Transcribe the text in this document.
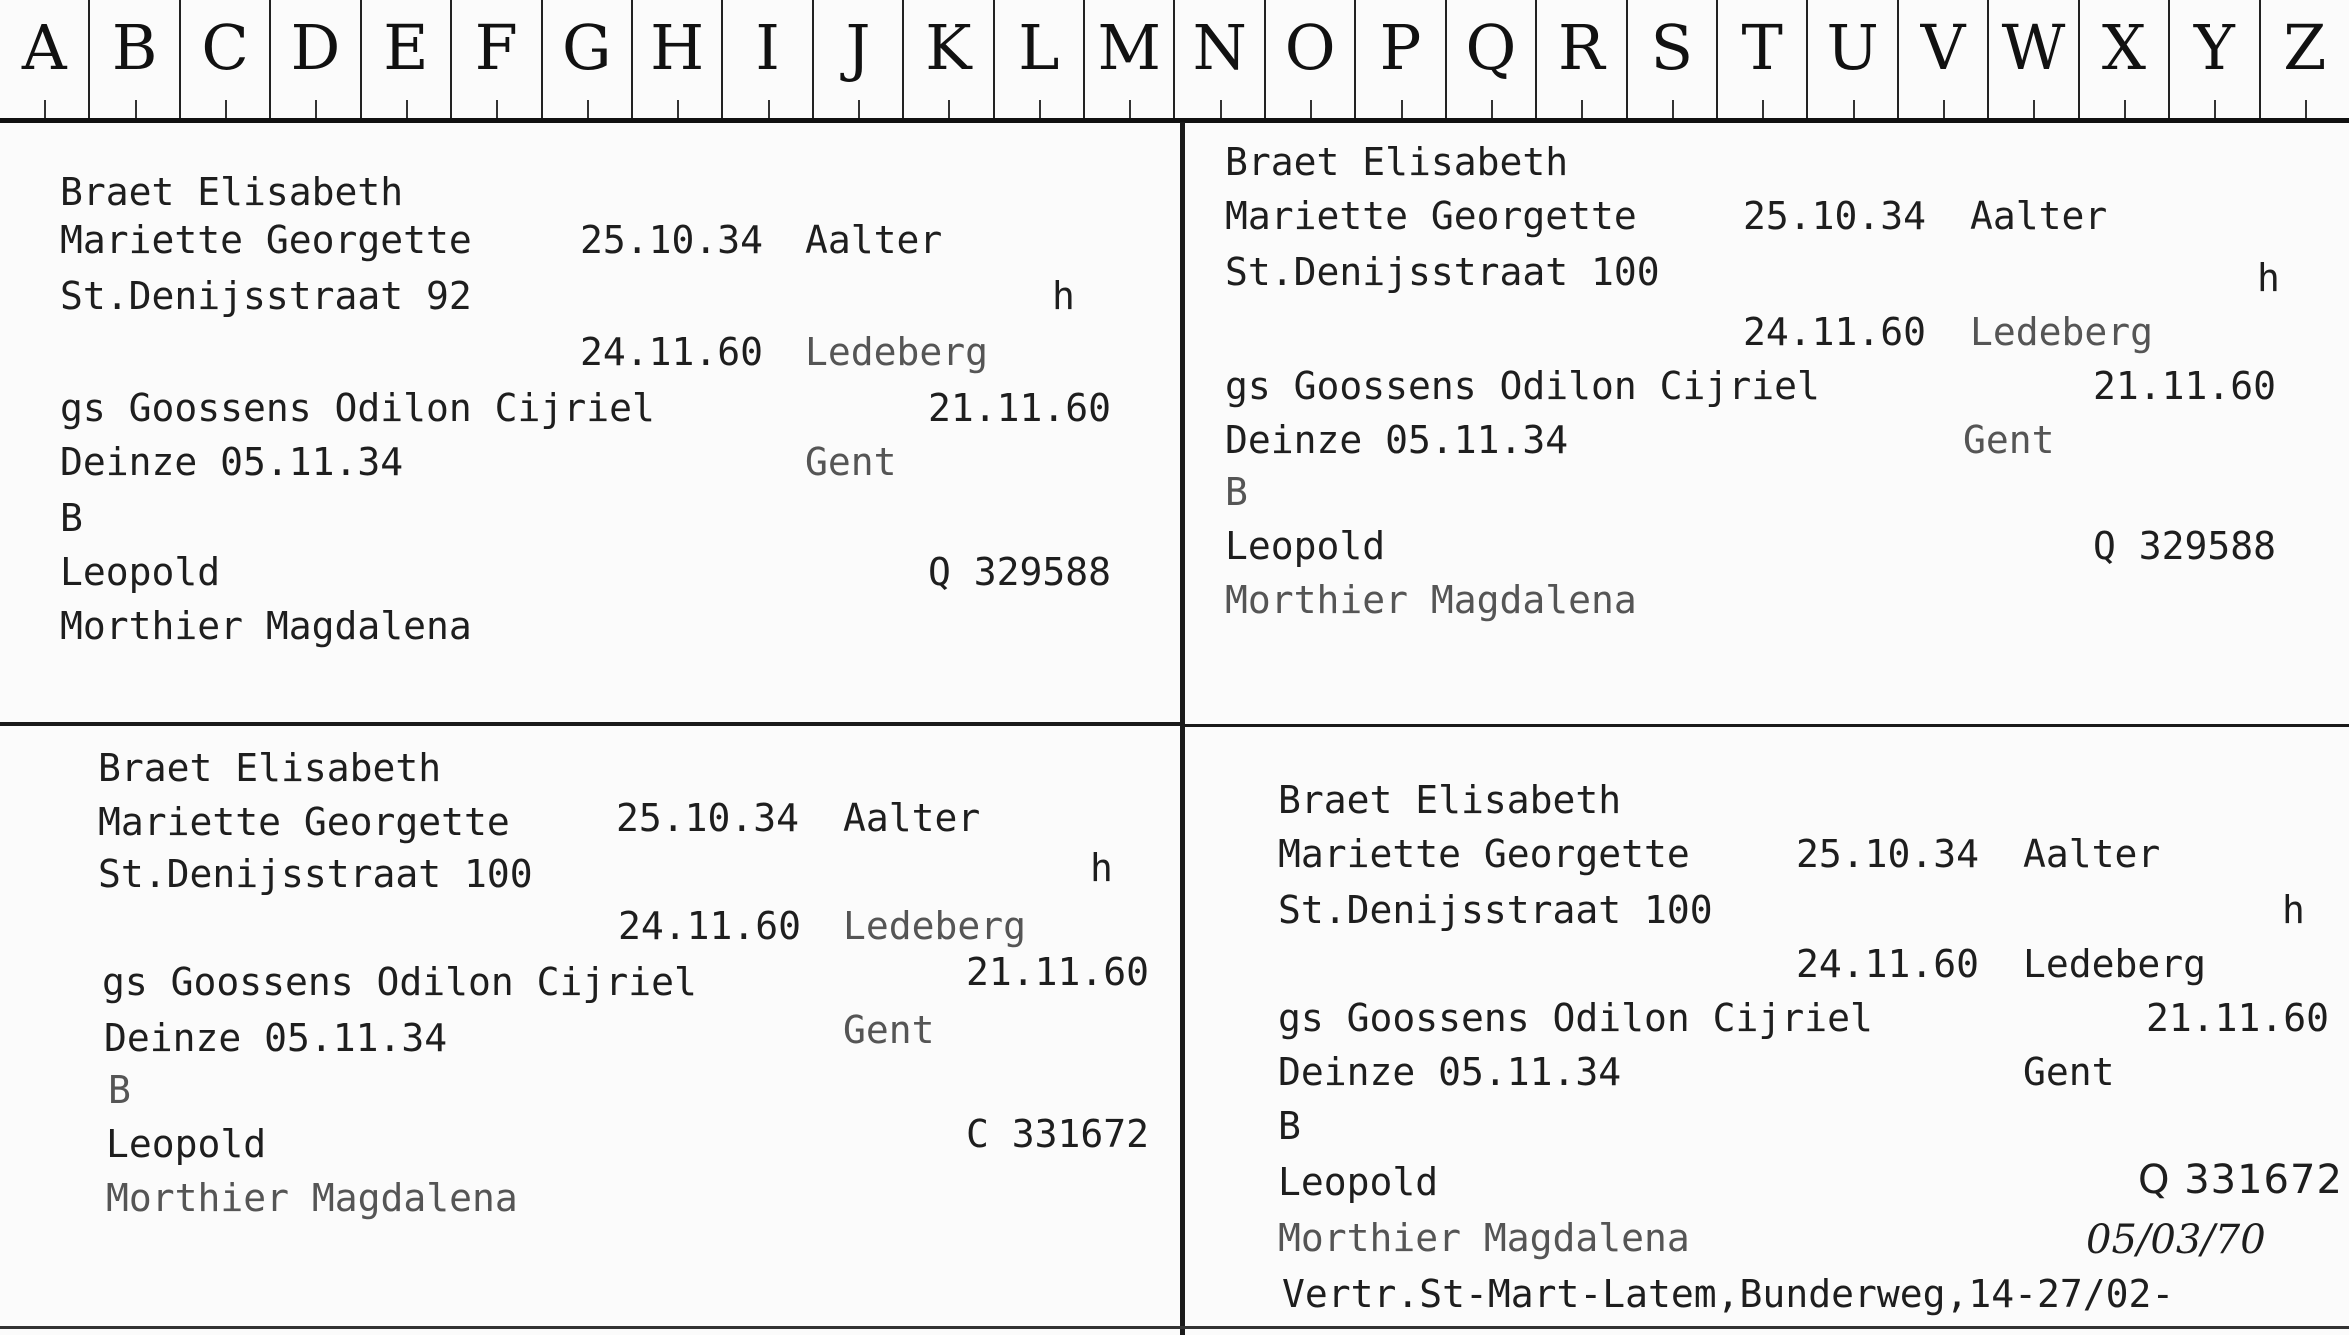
A B C D E F G H I	J K L M N O P Q R S T U V W X Y Z
Braet Elisabeth
Mariette Georgette	25.10.34 Aalter
St.Denijsstraat 92	h
24.11.60 Ledeberg
gs Goossens Odilon Cijriel	21.11.60
Deinze 05.11.34	Gent
B
Leopold	Q 329588
Morthier Magdalena
Braet Elisabeth
Mariette Georgette	25.10.34 Aalter
St.Denijsstraat 100	h
24.11.60 Ledeberg
gs Goossens Odilon Cijriel	21.11.60
Deinze 05.11.34	Gent
B
Leopold	Q 329588
Morthier Magdalena
Braet Elisabeth
Mariette Georgette	25.10.34 Aalter
St.Denijsstraat 100	h
24.11.60 Ledeberg
gs Goossens Odilon Cijriel	21.11.60
Deinze 05.11.34	Gent
B
Leopold	C 331672
Morthier Magdalena
Braet Elisabeth
Mariette Georgette	25.10.34 Aalter
St.Denijsstraat 100	h
24.11.60 Ledeberg
gs Goossens Odilon Cijriel	21.11.60
Deinze 05.11.34	Gent
B
Leopold	Q 331672
Morthier Magdalena	05/03/70
Vertr.St-Mart-Latem,Bunderweg,14-27/02-
